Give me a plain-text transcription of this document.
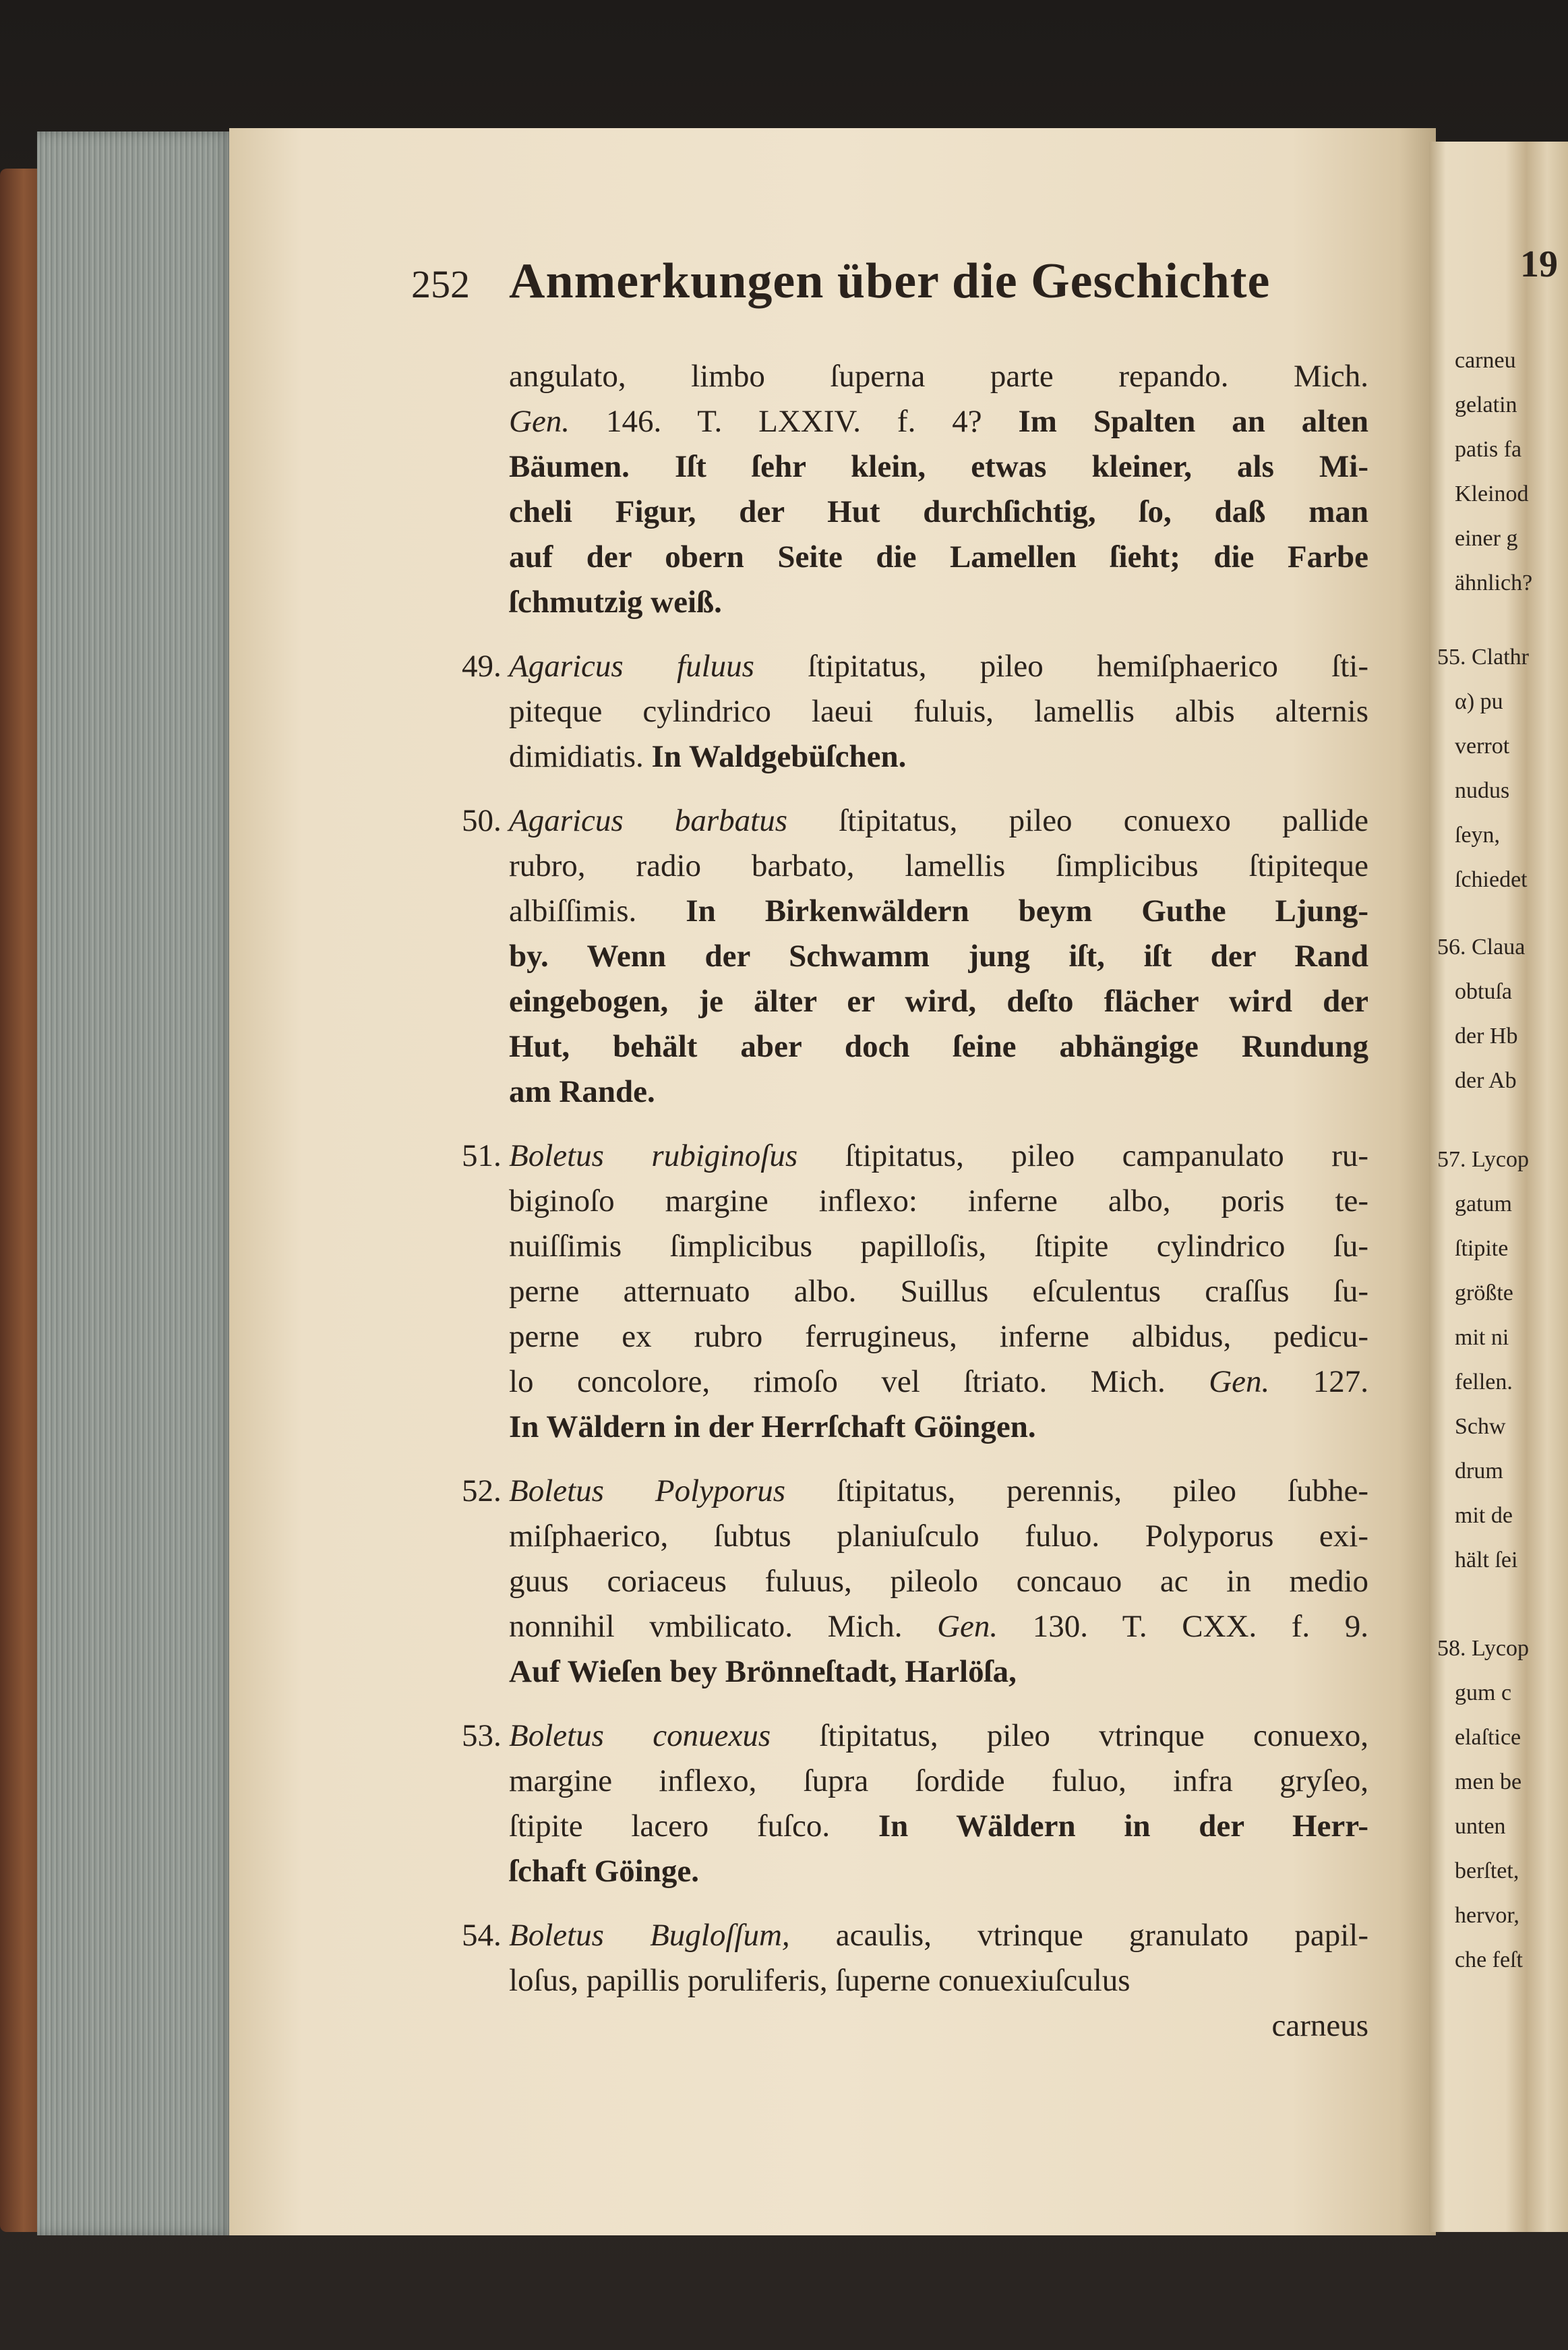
252 Anmerkungen über die Geschichte
angulato, limbo ſuperna parte repando. Mich.
Gen. 146. T. LXXIV. f. 4? Im Spalten an alten
Bäumen. Iſt ſehr klein, etwas kleiner, als Mi-
cheli Figur, der Hut durchſichtig, ſo, daß man
auf der obern Seite die Lamellen ſieht; die Farbe
ſchmutzig weiß.
49. Agaricus fuluus ſtipitatus, pileo hemiſphaerico ſti-
piteque cylindrico laeui fuluis, lamellis albis alternis
dimidiatis. In Waldgebüſchen.
50. Agaricus barbatus ſtipitatus, pileo conuexo pallide
rubro, radio barbato, lamellis ſimplicibus ſtipiteque
albiſſimis. In Birkenwäldern beym Guthe Ljung-
by. Wenn der Schwamm jung iſt, iſt der Rand
eingebogen, je älter er wird, deſto flächer wird der
Hut, behält aber doch ſeine abhängige Rundung
am Rande.
51. Boletus rubiginoſus ſtipitatus, pileo campanulato ru-
biginoſo margine inflexo: inferne albo, poris te-
nuiſſimis ſimplicibus papilloſis, ſtipite cylindrico ſu-
perne atternuato albo. Suillus eſculentus craſſus ſu-
perne ex rubro ferrugineus, inferne albidus, pedicu-
lo concolore, rimoſo vel ſtriato. Mich. Gen. 127.
In Wäldern in der Herrſchaft Göingen.
52. Boletus Polyporus ſtipitatus, perennis, pileo ſubhe-
miſphaerico, ſubtus planiuſculo fuluo. Polyporus exi-
guus coriaceus fuluus, pileolo concauo ac in medio
nonnihil vmbilicato. Mich. Gen. 130. T. CXX. f. 9.
Auf Wieſen bey Brönneſtadt, Harlöſa,
53. Boletus conuexus ſtipitatus, pileo vtrinque conuexo,
margine inflexo, ſupra ſordide fuluo, infra gryſeo,
ſtipite lacero fuſco. In Wäldern in der Herr-
ſchaft Göinge.
54. Boletus Bugloſſum, acaulis, vtrinque granulato papil-
loſus, papillis poruliferis, ſuperne conuexiuſculus
carneus
19
carneu
gelatin
patis fa
Kleinod
einer g
ähnlich?
55. Clathr
α) pu
verrot
nudus
ſeyn,
ſchiedet
56. Claua
obtuſa
der Hb
der Ab
57. Lycop
gatum
ſtipite
größte
mit ni
fellen.
Schw
drum
mit de
hält ſei
58. Lycop
gum c
elaſtice
men be
unten
berſtet,
hervor,
che feſt
